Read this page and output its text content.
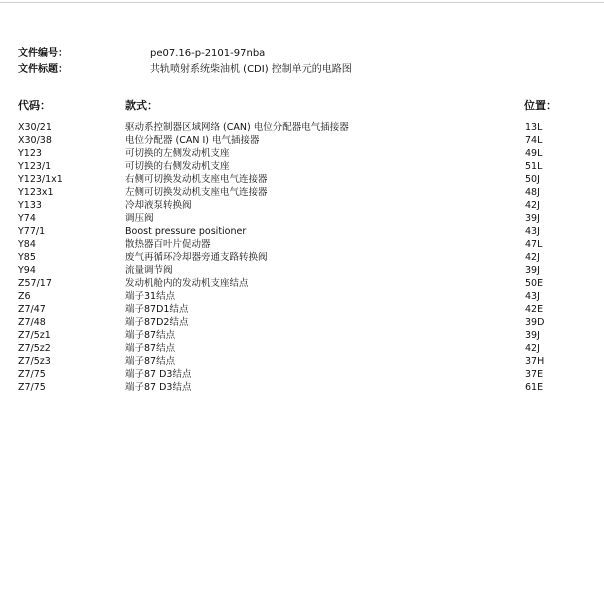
文件编号：	pe07.16-p-2101-97nba
文件标题：	共轨喷射系统柴油机 (CDI) 控制单元的电路图
代码：	款式：	位置：
X30/21	驱动系控制器区域网络 (CAN) 电位分配器电气插接器	13L
X30/38	电位分配器 (CAN I) 电气插接器	74L
Y123	可切换的左侧发动机支座	49L
Y123/1	可切换的右侧发动机支座	51L
Y123/1x1	右侧可切换发动机支座电气连接器	50J
Y123x1	左侧可切换发动机支座电气连接器	48J
Y133	冷却液泵转换阀	42J
Y74	调压阀	39J
Y77/1	Boost pressure positioner	43J
Y84	散热器百叶片促动器	47L
Y85	废气再循环冷却器旁通支路转换阀	42J
Y94	流量调节阀	39J
Z57/17	发动机舱内的发动机支座结点	50E
Z6	端子31结点	43J
Z7/47	端子87D1结点	42E
Z7/48	端子87D2结点	39D
Z7/5z1	端子87结点	39J
Z7/5z2	端子87结点	42J
Z7/5z3	端子87结点	37H
Z7/75	端子87 D3结点	37E
Z7/75	端子87 D3结点	61E
